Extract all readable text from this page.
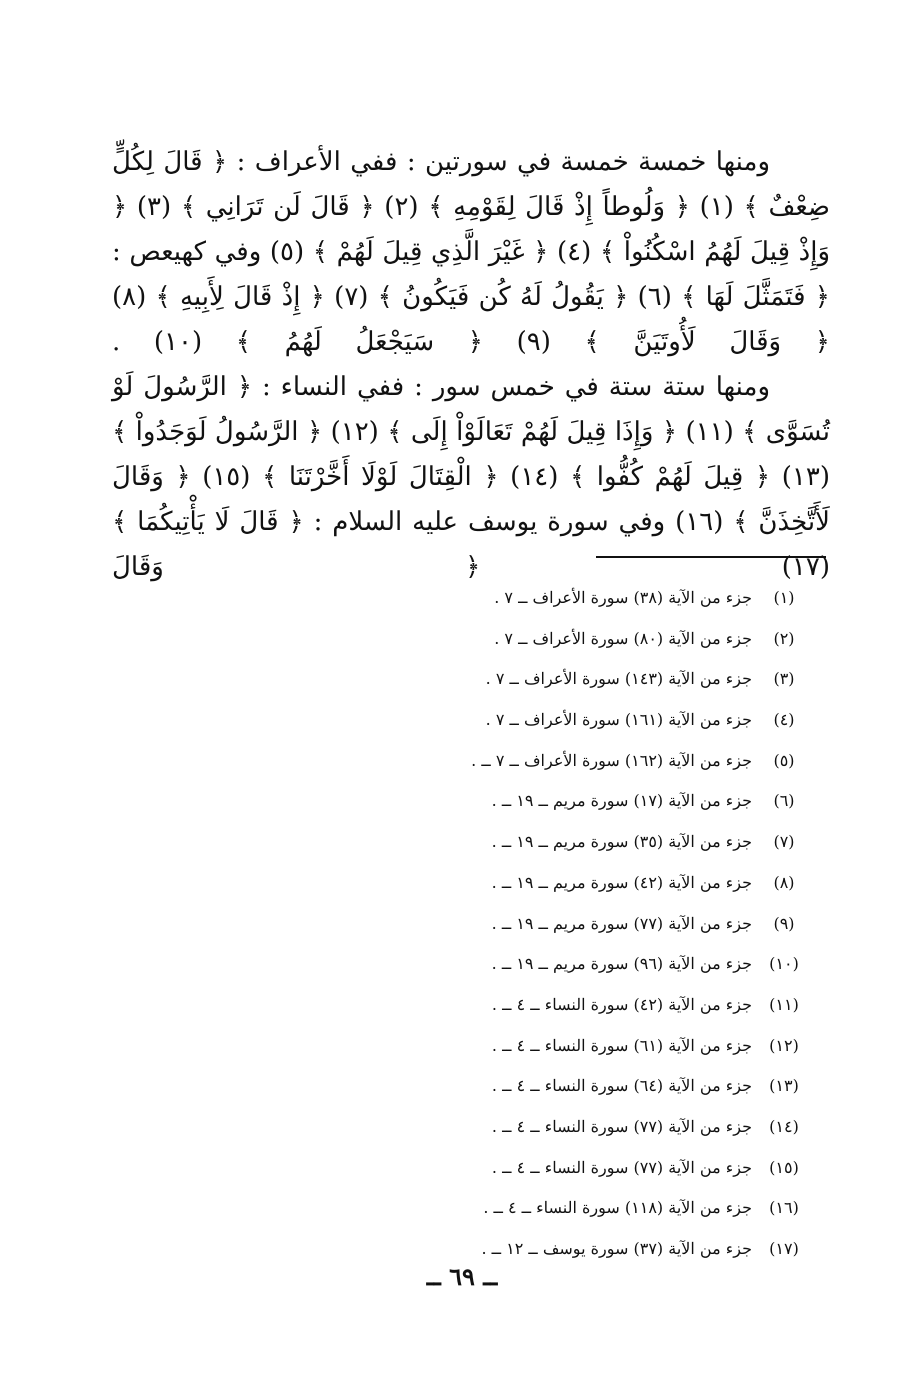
ومنها خمسة خمسة في سورتين : ففي الأعراف : ﴿ قَالَ لِكُلٍّ ضِعْفٌ ﴾ (١) ﴿ وَلُوطاً إِذْ قَالَ لِقَوْمِهِ ﴾ (٢) ﴿ قَالَ لَن تَرَانِي ﴾ (٣) ﴿ وَإِذْ قِيلَ لَهُمُ اسْكُنُواْ ﴾ (٤) ﴿ غَيْرَ الَّذِي قِيلَ لَهُمْ ﴾ (٥) وفي كهيعص : ﴿ فَتَمَثَّلَ لَهَا ﴾ (٦) ﴿ يَقُولُ لَهُ كُن فَيَكُونُ ﴾ (٧) ﴿ إِذْ قَالَ لِأَبِيهِ ﴾ (٨) ﴿ وَقَالَ لَأُوتَيَنَّ ﴾ (٩) ﴿ سَيَجْعَلُ لَهُمُ ﴾ (١٠) .

ومنها ستة ستة في خمس سور : ففي النساء : ﴿ الرَّسُولَ لَوْ تُسَوَّى ﴾ (١١) ﴿ وَإِذَا قِيلَ لَهُمْ تَعَالَوْاْ إِلَى ﴾ (١٢) ﴿ الرَّسُولُ لَوَجَدُواْ ﴾ (١٣) ﴿ قِيلَ لَهُمْ كُفُّوا ﴾ (١٤) ﴿ الْقِتَالَ لَوْلَا أَخَّرْتَنَا ﴾ (١٥) ﴿ وَقَالَ لَأَتَّخِذَنَّ ﴾ (١٦) وفي سورة يوسف عليه السلام : ﴿ قَالَ لَا يَأْتِيكُمَا ﴾ (١٧) ﴿ وَقَالَ

(١)
جزء من الآية (٣٨) سورة الأعراف ــ ٧ .
(٢)
جزء من الآية (٨٠) سورة الأعراف ــ ٧ .
(٣)
جزء من الآية (١٤٣) سورة الأعراف ــ ٧ .
(٤)
جزء من الآية (١٦١) سورة الأعراف ــ ٧ .
(٥)
جزء من الآية (١٦٢) سورة الأعراف ــ ٧ ــ .
(٦)
جزء من الآية (١٧) سورة مريم ــ ١٩ ــ .
(٧)
جزء من الآية (٣٥) سورة مريم ــ ١٩ ــ .
(٨)
جزء من الآية (٤٢) سورة مريم ــ ١٩ ــ .
(٩)
جزء من الآية (٧٧) سورة مريم ــ ١٩ ــ .
(١٠)
جزء من الآية (٩٦) سورة مريم ــ ١٩ ــ .
(١١)
جزء من الآية (٤٢) سورة النساء ــ ٤ ــ .
(١٢)
جزء من الآية (٦١) سورة النساء ــ ٤ ــ .
(١٣)
جزء من الآية (٦٤) سورة النساء ــ ٤ ــ .
(١٤)
جزء من الآية (٧٧) سورة النساء ــ ٤ ــ .
(١٥)
جزء من الآية (٧٧) سورة النساء ــ ٤ ــ .
(١٦)
جزء من الآية (١١٨) سورة النساء ــ ٤ ــ .
(١٧)
جزء من الآية (٣٧) سورة يوسف ــ ١٢ ــ .
ــ ٦٩ ــ
